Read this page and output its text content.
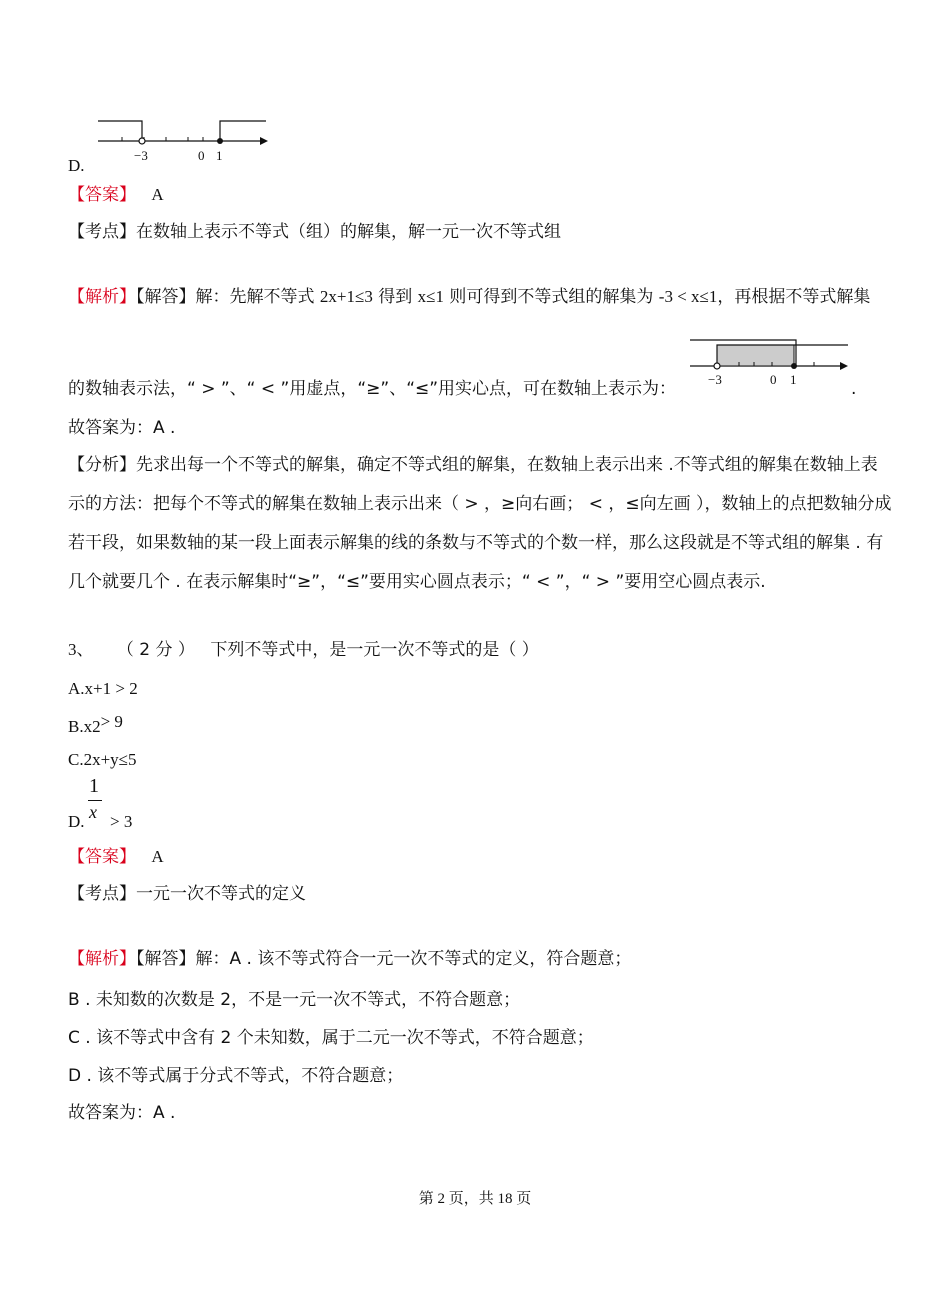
D.
−3	0 1
【答案】 A
【考点】在数轴上表示不等式（组）的解集，解一元一次不等式组
【解析】【解答】解：先解不等式 2x+1≤3 得到 x≤1 则可得到不等式组的解集为 -3 < x≤1，再根据不等式解集
的数轴表示法，“ > ”、“ < ”用虚点，“≥”、“≤”用实心点，可在数轴上表示为： −3	0 1	.
故答案为：A .
【分析】先求出每一个不等式的解集，确定不等式组的解集，在数轴上表示出来 .不等式组的解集在数轴上表
示的方法：把每个不等式的解集在数轴上表示出来（ > ，≥向右画； < ，≤向左画 ），数轴上的点把数轴分成
若干段，如果数轴的某一段上面表示解集的线的条数与不等式的个数一样，那么这段就是不等式组的解集 . 有
几个就要几个 . 在表示解集时“≥”，“≤”要用实心圆点表示；“ < ”，“ > ”要用空心圆点表示.
3、 （ 2 分 ） 下列不等式中，是一元一次不等式的是（ ）
A.x+1 > 2
B.x2> 9
C.2x+y≤5
D.
1
x > 3
【答案】 A
【考点】一元一次不等式的定义
【解析】【解答】解：A . 该不等式符合一元一次不等式的定义，符合题意；
B . 未知数的次数是 2，不是一元一次不等式，不符合题意；
C . 该不等式中含有 2 个未知数，属于二元一次不等式，不符合题意；
D . 该不等式属于分式不等式，不符合题意；
故答案为：A .
第 2 页，共 18 页
